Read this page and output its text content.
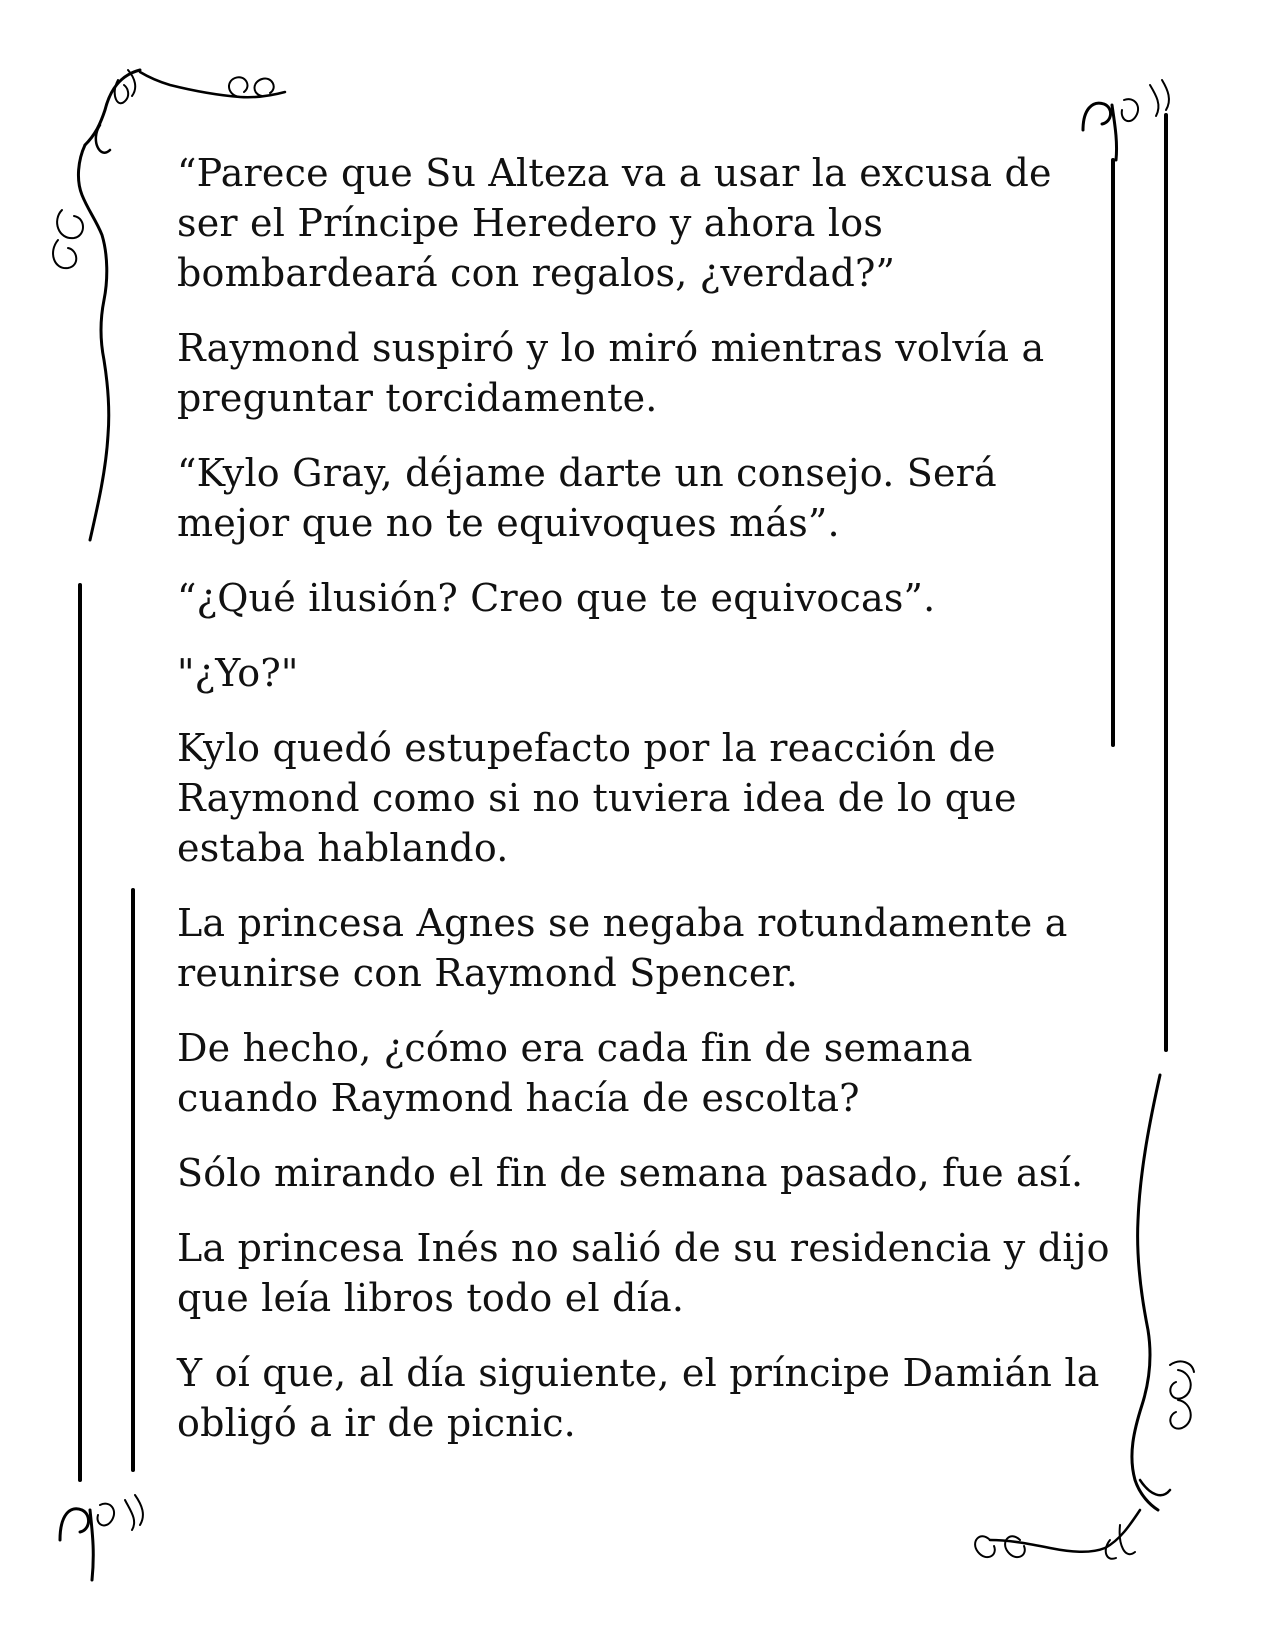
“Parece que Su Alteza va a usar la excusa de ser el Príncipe Heredero y ahora los bombardeará con regalos, ¿verdad?”

Raymond suspiró y lo miró mientras volvía a preguntar torcidamente.

“Kylo Gray, déjame darte un consejo. Será mejor que no te equivoques más”.

“¿Qué ilusión? Creo que te equivocas”.

"¿Yo?"

Kylo quedó estupefacto por la reacción de Raymond como si no tuviera idea de lo que estaba hablando.

La princesa Agnes se negaba rotundamente a reunirse con Raymond Spencer.

De hecho, ¿cómo era cada fin de semana cuando Raymond hacía de escolta?

Sólo mirando el fin de semana pasado, fue así.

La princesa Inés no salió de su residencia y dijo que leía libros todo el día.

Y oí que, al día siguiente, el príncipe Damián la obligó a ir de picnic.
